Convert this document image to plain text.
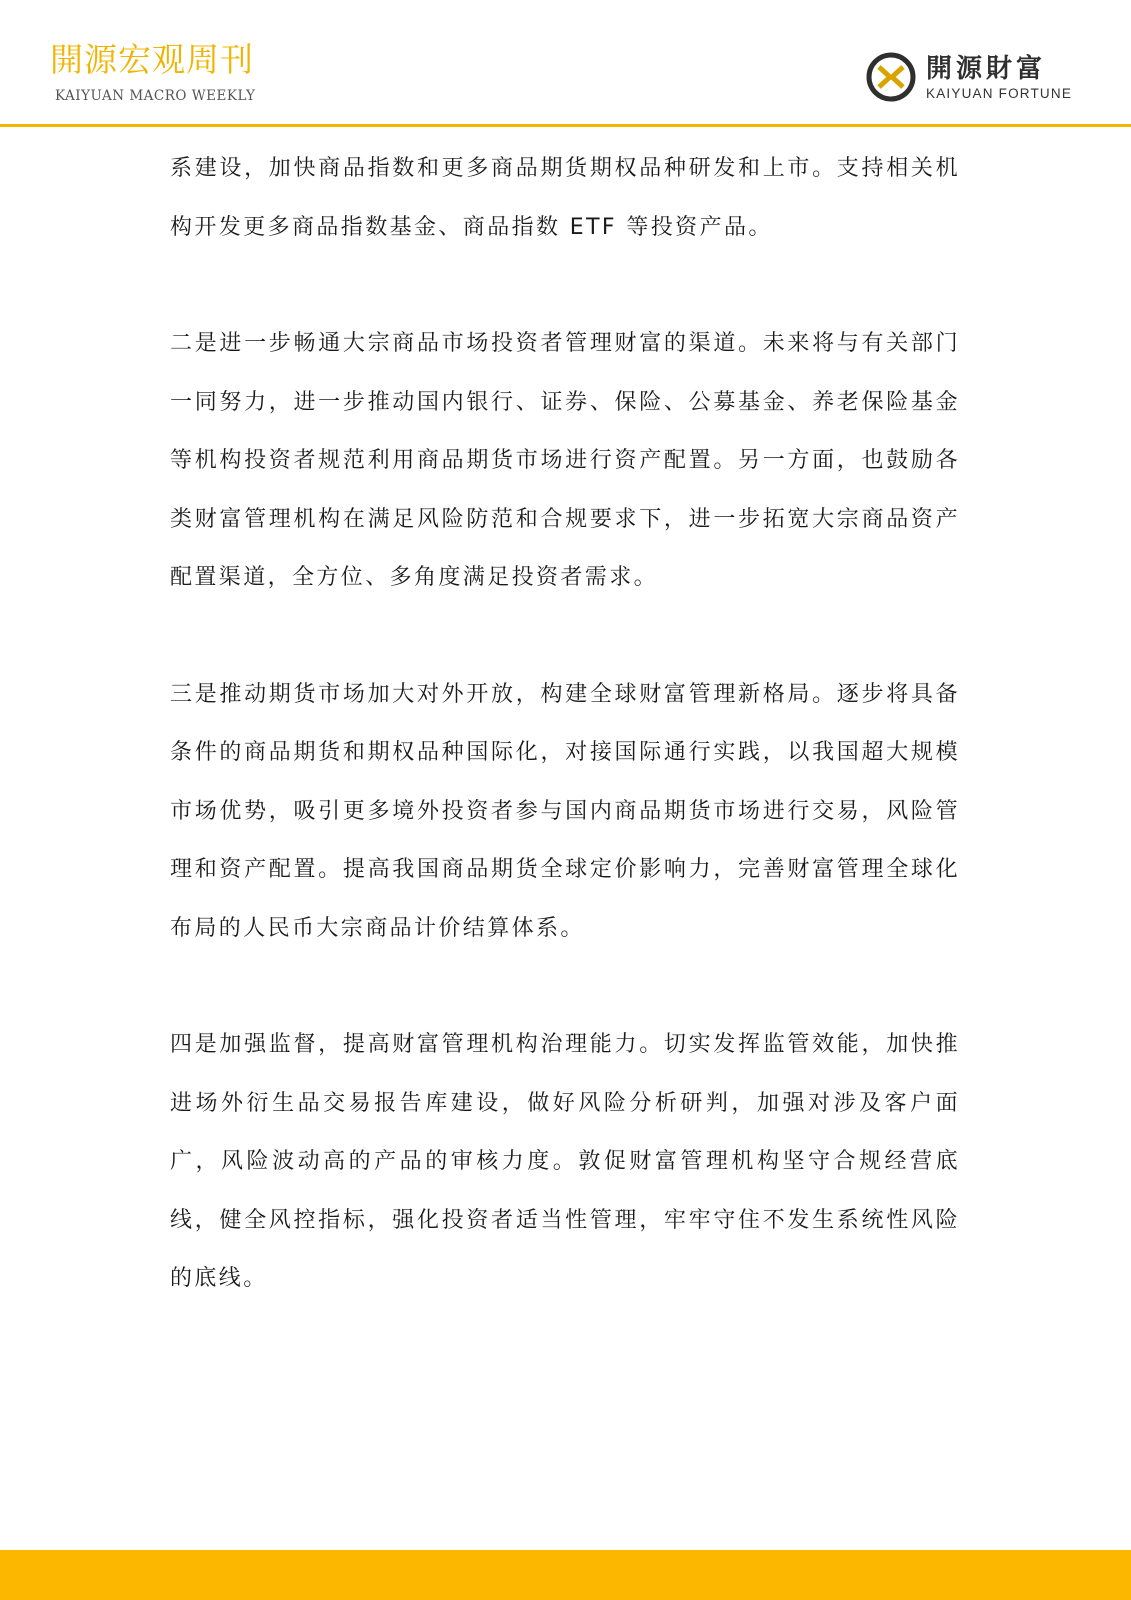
開源宏观周刊
KAIYUAN MACRO WEEKLY
開源財富
KAIYUAN FORTUNE

系建设，加快商品指数和更多商品期货期权品种研发和上市。支持相关机构开发更多商品指数基金、商品指数 ETF 等投资产品。

二是进一步畅通大宗商品市场投资者管理财富的渠道。未来将与有关部门一同努力，进一步推动国内银行、证券、保险、公募基金、养老保险基金等机构投资者规范利用商品期货市场进行资产配置。另一方面，也鼓励各类财富管理机构在满足风险防范和合规要求下，进一步拓宽大宗商品资产配置渠道，全方位、多角度满足投资者需求。

三是推动期货市场加大对外开放，构建全球财富管理新格局。逐步将具备条件的商品期货和期权品种国际化，对接国际通行实践，以我国超大规模市场优势，吸引更多境外投资者参与国内商品期货市场进行交易，风险管理和资产配置。提高我国商品期货全球定价影响力，完善财富管理全球化布局的人民币大宗商品计价结算体系。

四是加强监督，提高财富管理机构治理能力。切实发挥监管效能，加快推进场外衍生品交易报告库建设，做好风险分析研判，加强对涉及客户面广，风险波动高的产品的审核力度。敦促财富管理机构坚守合规经营底线，健全风控指标，强化投资者适当性管理，牢牢守住不发生系统性风险的底线。
